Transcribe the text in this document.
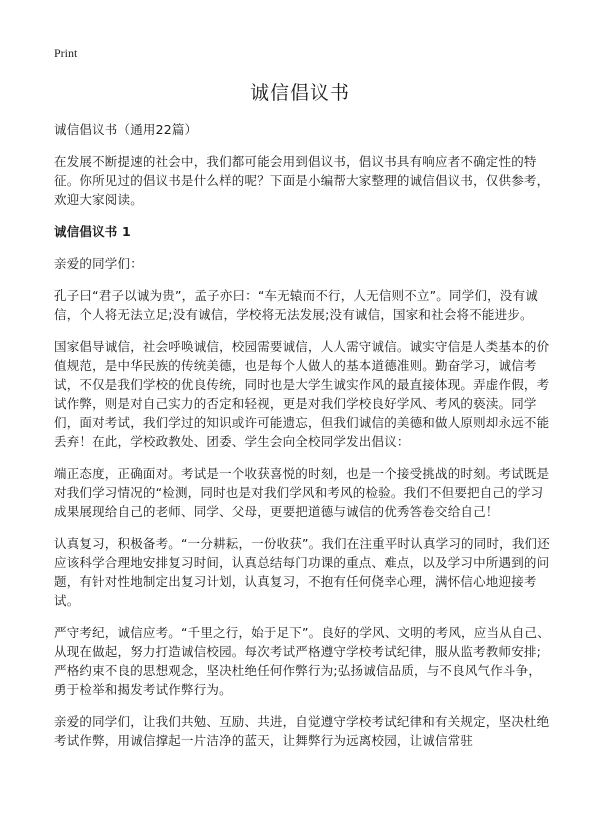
Print
诚信倡议书

诚信倡议书（通用22篇）

在发展不断提速的社会中，我们都可能会用到倡议书，倡议书具有响应者不确定性的特征。你所见过的倡议书是什么样的呢？下面是小编帮大家整理的诚信倡议书，仅供参考，欢迎大家阅读。

诚信倡议书 1

亲爱的同学们：

孔子曰“君子以诚为贵”，孟子亦曰：“车无辕而不行，人无信则不立”。同学们，没有诚信，个人将无法立足;没有诚信，学校将无法发展;没有诚信，国家和社会将不能进步。

国家倡导诚信，社会呼唤诚信，校园需要诚信，人人需守诚信。诚实守信是人类基本的价值规范，是中华民族的传统美德，也是每个人做人的基本道德准则。勤奋学习，诚信考试，不仅是我们学校的优良传统，同时也是大学生诚实作风的最直接体现。弄虚作假，考试作弊，则是对自己实力的否定和轻视，更是对我们学校良好学风、考风的亵渎。同学们，面对考试，我们学过的知识或许可能遗忘，但我们诚信的美德和做人原则却永远不能丢弃！在此，学校政教处、团委、学生会向全校同学发出倡议：

端正态度，正确面对。考试是一个收获喜悦的时刻，也是一个接受挑战的时刻。考试既是对我们学习情况的“检测，同时也是对我们学风和考风的检验。我们不但要把自己的学习成果展现给自己的老师、同学、父母，更要把道德与诚信的优秀答卷交给自己！

认真复习，积极备考。“一分耕耘，一份收获”。我们在注重平时认真学习的同时，我们还应该科学合理地安排复习时间，认真总结每门功课的重点、难点，以及学习中所遇到的问题，有针对性地制定出复习计划，认真复习，不抱有任何侥幸心理，满怀信心地迎接考试。

严守考纪，诚信应考。“千里之行，始于足下”。良好的学风、文明的考风，应当从自己、从现在做起，努力打造诚信校园。每次考试严格遵守学校考试纪律，服从监考教师安排;严格约束不良的思想观念，坚决杜绝任何作弊行为;弘扬诚信品质，与不良风气作斗争，勇于检举和揭发考试作弊行为。

亲爱的同学们，让我们共勉、互励、共进，自觉遵守学校考试纪律和有关规定，坚决杜绝考试作弊，用诚信撑起一片洁净的蓝天，让舞弊行为远离校园，让诚信常驻
